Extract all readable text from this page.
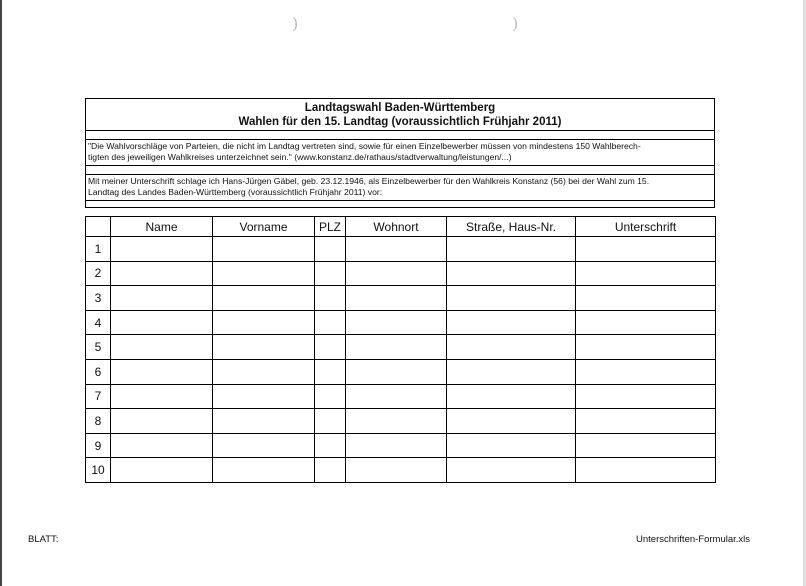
)	)
Landtagswahl Baden-Württemberg
Wahlen für den 15. Landtag (voraussichtlich Frühjahr 2011)
"Die Wahlvorschläge von Parteien, die nicht im Landtag vertreten sind, sowie für einen Einzelbewerber müssen von mindestens 150 Wahlberech-
tigten des jeweiligen Wahlkreises unterzeichnet sein." (www.konstanz.de/rathaus/stadtverwaltung/leistungen/...)
Mit meiner Unterschrift schlage ich Hans-Jürgen Gäbel, geb. 23.12.1946, als Einzelbewerber für den Wahlkreis Konstanz (56) bei der Wahl zum 15.
Landtag des Landes Baden-Württemberg (voraussichtlich Frühjahr 2011) vor:
	Name	Vorname	PLZ	Wohnort	Straße, Haus-Nr.	Unterschrift
1						
2						
3						
4						
5						
6						
7						
8						
9						
10						
BLATT:	Unterschriften-Formular.xls
